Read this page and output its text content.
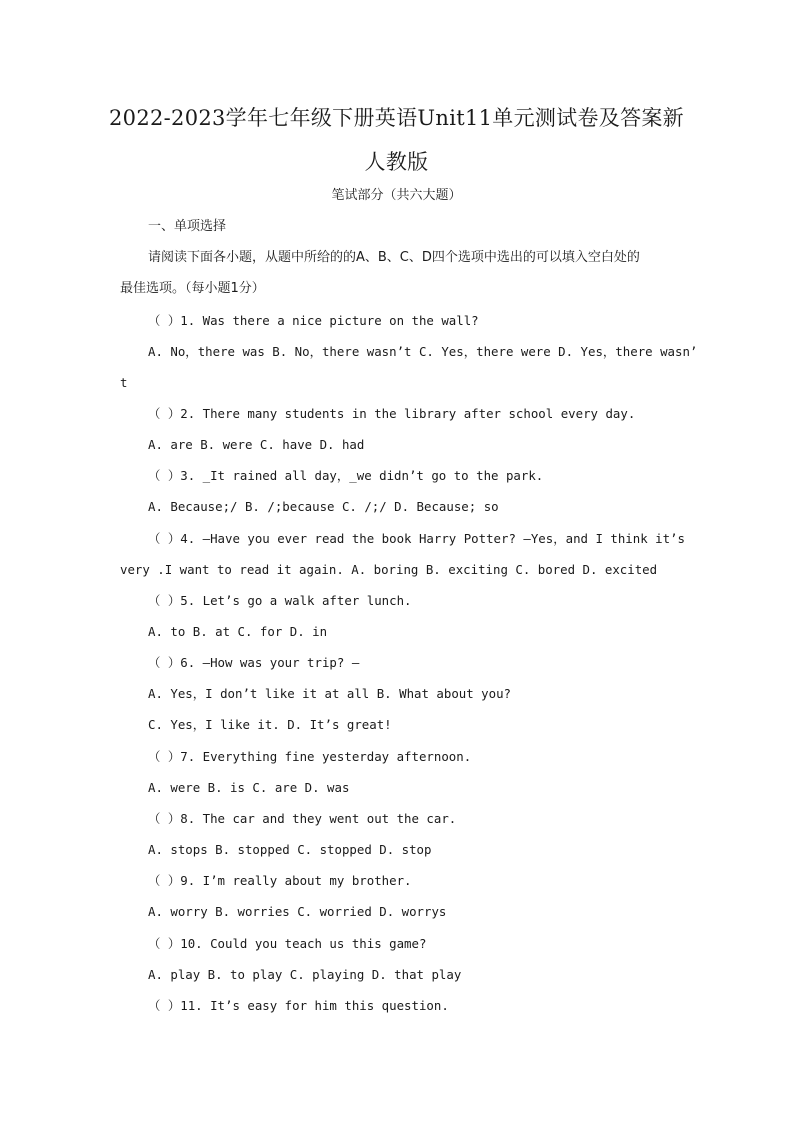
2022-2023学年七年级下册英语Unit11单元测试卷及答案新
人教版
笔试部分（共六大题）
一、单项选择
请阅读下面各小题，从题中所给的的A、B、C、D四个选项中选出的可以填入空白处的
最佳选项。（每小题1分）
（ ）1. Was there a nice picture on the wall?
A. No，there was B. No，there wasn’t C. Yes，there were D. Yes，there wasn’
t
（ ）2. There many students in the library after school every day.
A. are B. were C. have D. had
（ ）3. _It rained all day，_we didn’t go to the park.
A. Because;/ B. /;because C. /;/ D. Because; so
（ ）4. —Have you ever read the book Harry Potter? —Yes，and I think it’s
very .I want to read it again. A. boring B. exciting C. bored D. excited
（ ）5. Let’s go a walk after lunch.
A. to B. at C. for D. in
（ ）6. —How was your trip? —
A. Yes，I don’t like it at all B. What about you?
C. Yes，I like it. D. It’s great!
（ ）7. Everything fine yesterday afternoon.
A. were B. is C. are D. was
（ ）8. The car and they went out the car.
A. stops B. stopped C. stopped D. stop
（ ）9. I’m really about my brother.
A. worry B. worries C. worried D. worrys
（ ）10. Could you teach us this game?
A. play B. to play C. playing D. that play
（ ）11. It’s easy for him this question.
